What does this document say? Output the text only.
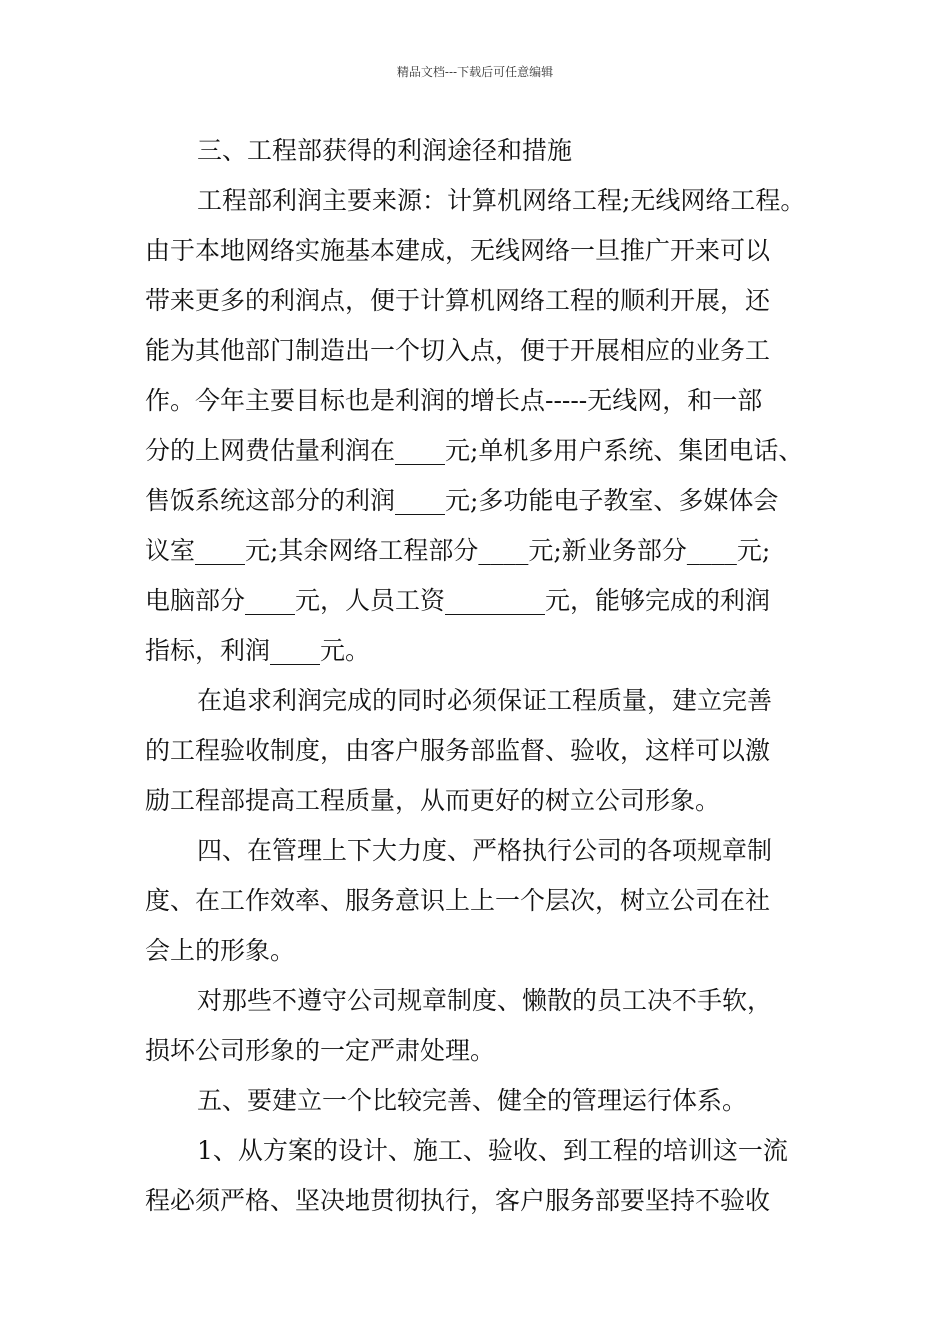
精品文档---下载后可任意编辑
三、工程部获得的利润途径和措施
工程部利润主要来源：计算机网络工程;无线网络工程。
由于本地网络实施基本建成，无线网络一旦推广开来可以
带来更多的利润点，便于计算机网络工程的顺利开展，还
能为其他部门制造出一个切入点，便于开展相应的业务工
作。今年主要目标也是利润的增长点-----无线网，和一部
分的上网费估量利润在____元;单机多用户系统、集团电话、
售饭系统这部分的利润____元;多功能电子教室、多媒体会
议室____元;其余网络工程部分____元;新业务部分____元;
电脑部分____元，人员工资________元，能够完成的利润
指标，利润____元。
在追求利润完成的同时必须保证工程质量，建立完善
的工程验收制度，由客户服务部监督、验收，这样可以激
励工程部提高工程质量，从而更好的树立公司形象。
四、在管理上下大力度、严格执行公司的各项规章制
度、在工作效率、服务意识上上一个层次，树立公司在社
会上的形象。
对那些不遵守公司规章制度、懒散的员工决不手软，
损坏公司形象的一定严肃处理。
五、要建立一个比较完善、健全的管理运行体系。
1、从方案的设计、施工、验收、到工程的培训这一流
程必须严格、坚决地贯彻执行，客户服务部要坚持不验收
